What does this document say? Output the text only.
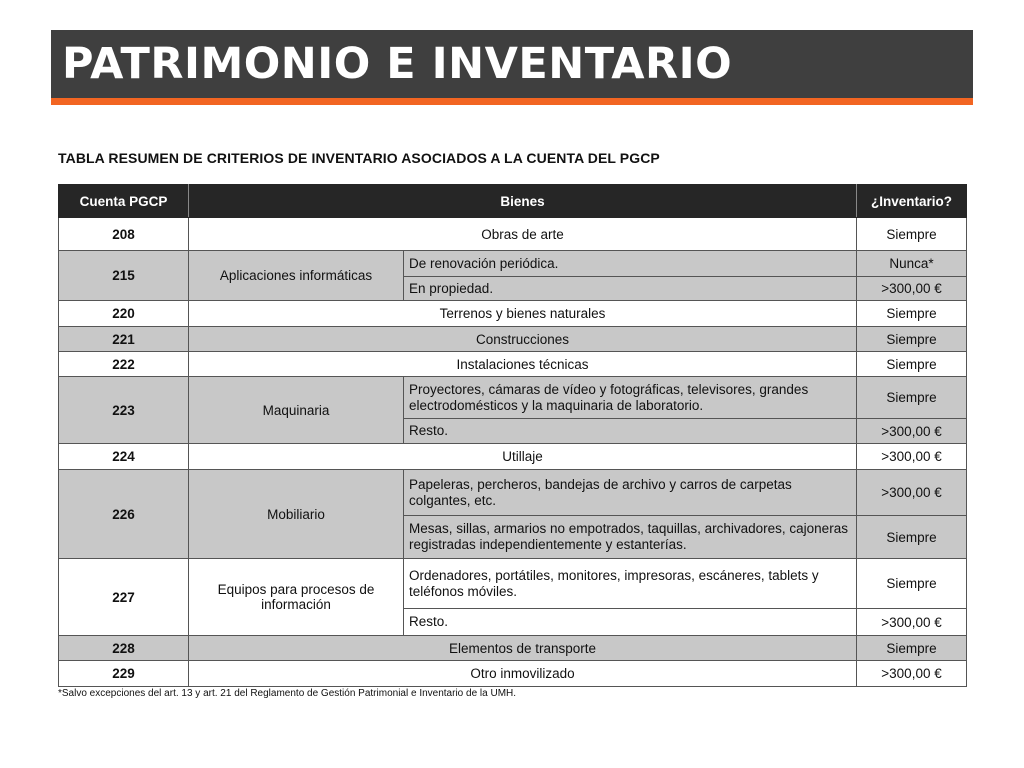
PATRIMONIO E INVENTARIO
TABLA RESUMEN DE CRITERIOS DE INVENTARIO ASOCIADOS A LA CUENTA DEL PGCP
Cuenta PGCP	Bienes		¿Inventario?
208	Obras de arte		Siempre
215	Aplicaciones informáticas	De renovación periódica.	Nunca*
		En propiedad.	>300,00 €
220	Terrenos y bienes naturales		Siempre
221	Construcciones		Siempre
222	Instalaciones técnicas		Siempre
223	Maquinaria	Proyectores, cámaras de vídeo y fotográficas, televisores, grandes electrodomésticos y la maquinaria de laboratorio.	Siempre
		Resto.	>300,00 €
224	Utillaje		>300,00 €
226	Mobiliario	Papeleras, percheros, bandejas de archivo y carros de carpetas colgantes, etc.	>300,00 €
		Mesas, sillas, armarios no empotrados, taquillas, archivadores, cajoneras registradas independientemente y estanterías.	Siempre
227	Equipos para procesos de información	Ordenadores, portátiles, monitores, impresoras, escáneres, tablets y teléfonos móviles.	Siempre
		Resto.	>300,00 €
228	Elementos de transporte		Siempre
229	Otro inmovilizado		>300,00 €
*Salvo excepciones del art. 13 y art. 21 del Reglamento de Gestión Patrimonial e Inventario de la UMH.
